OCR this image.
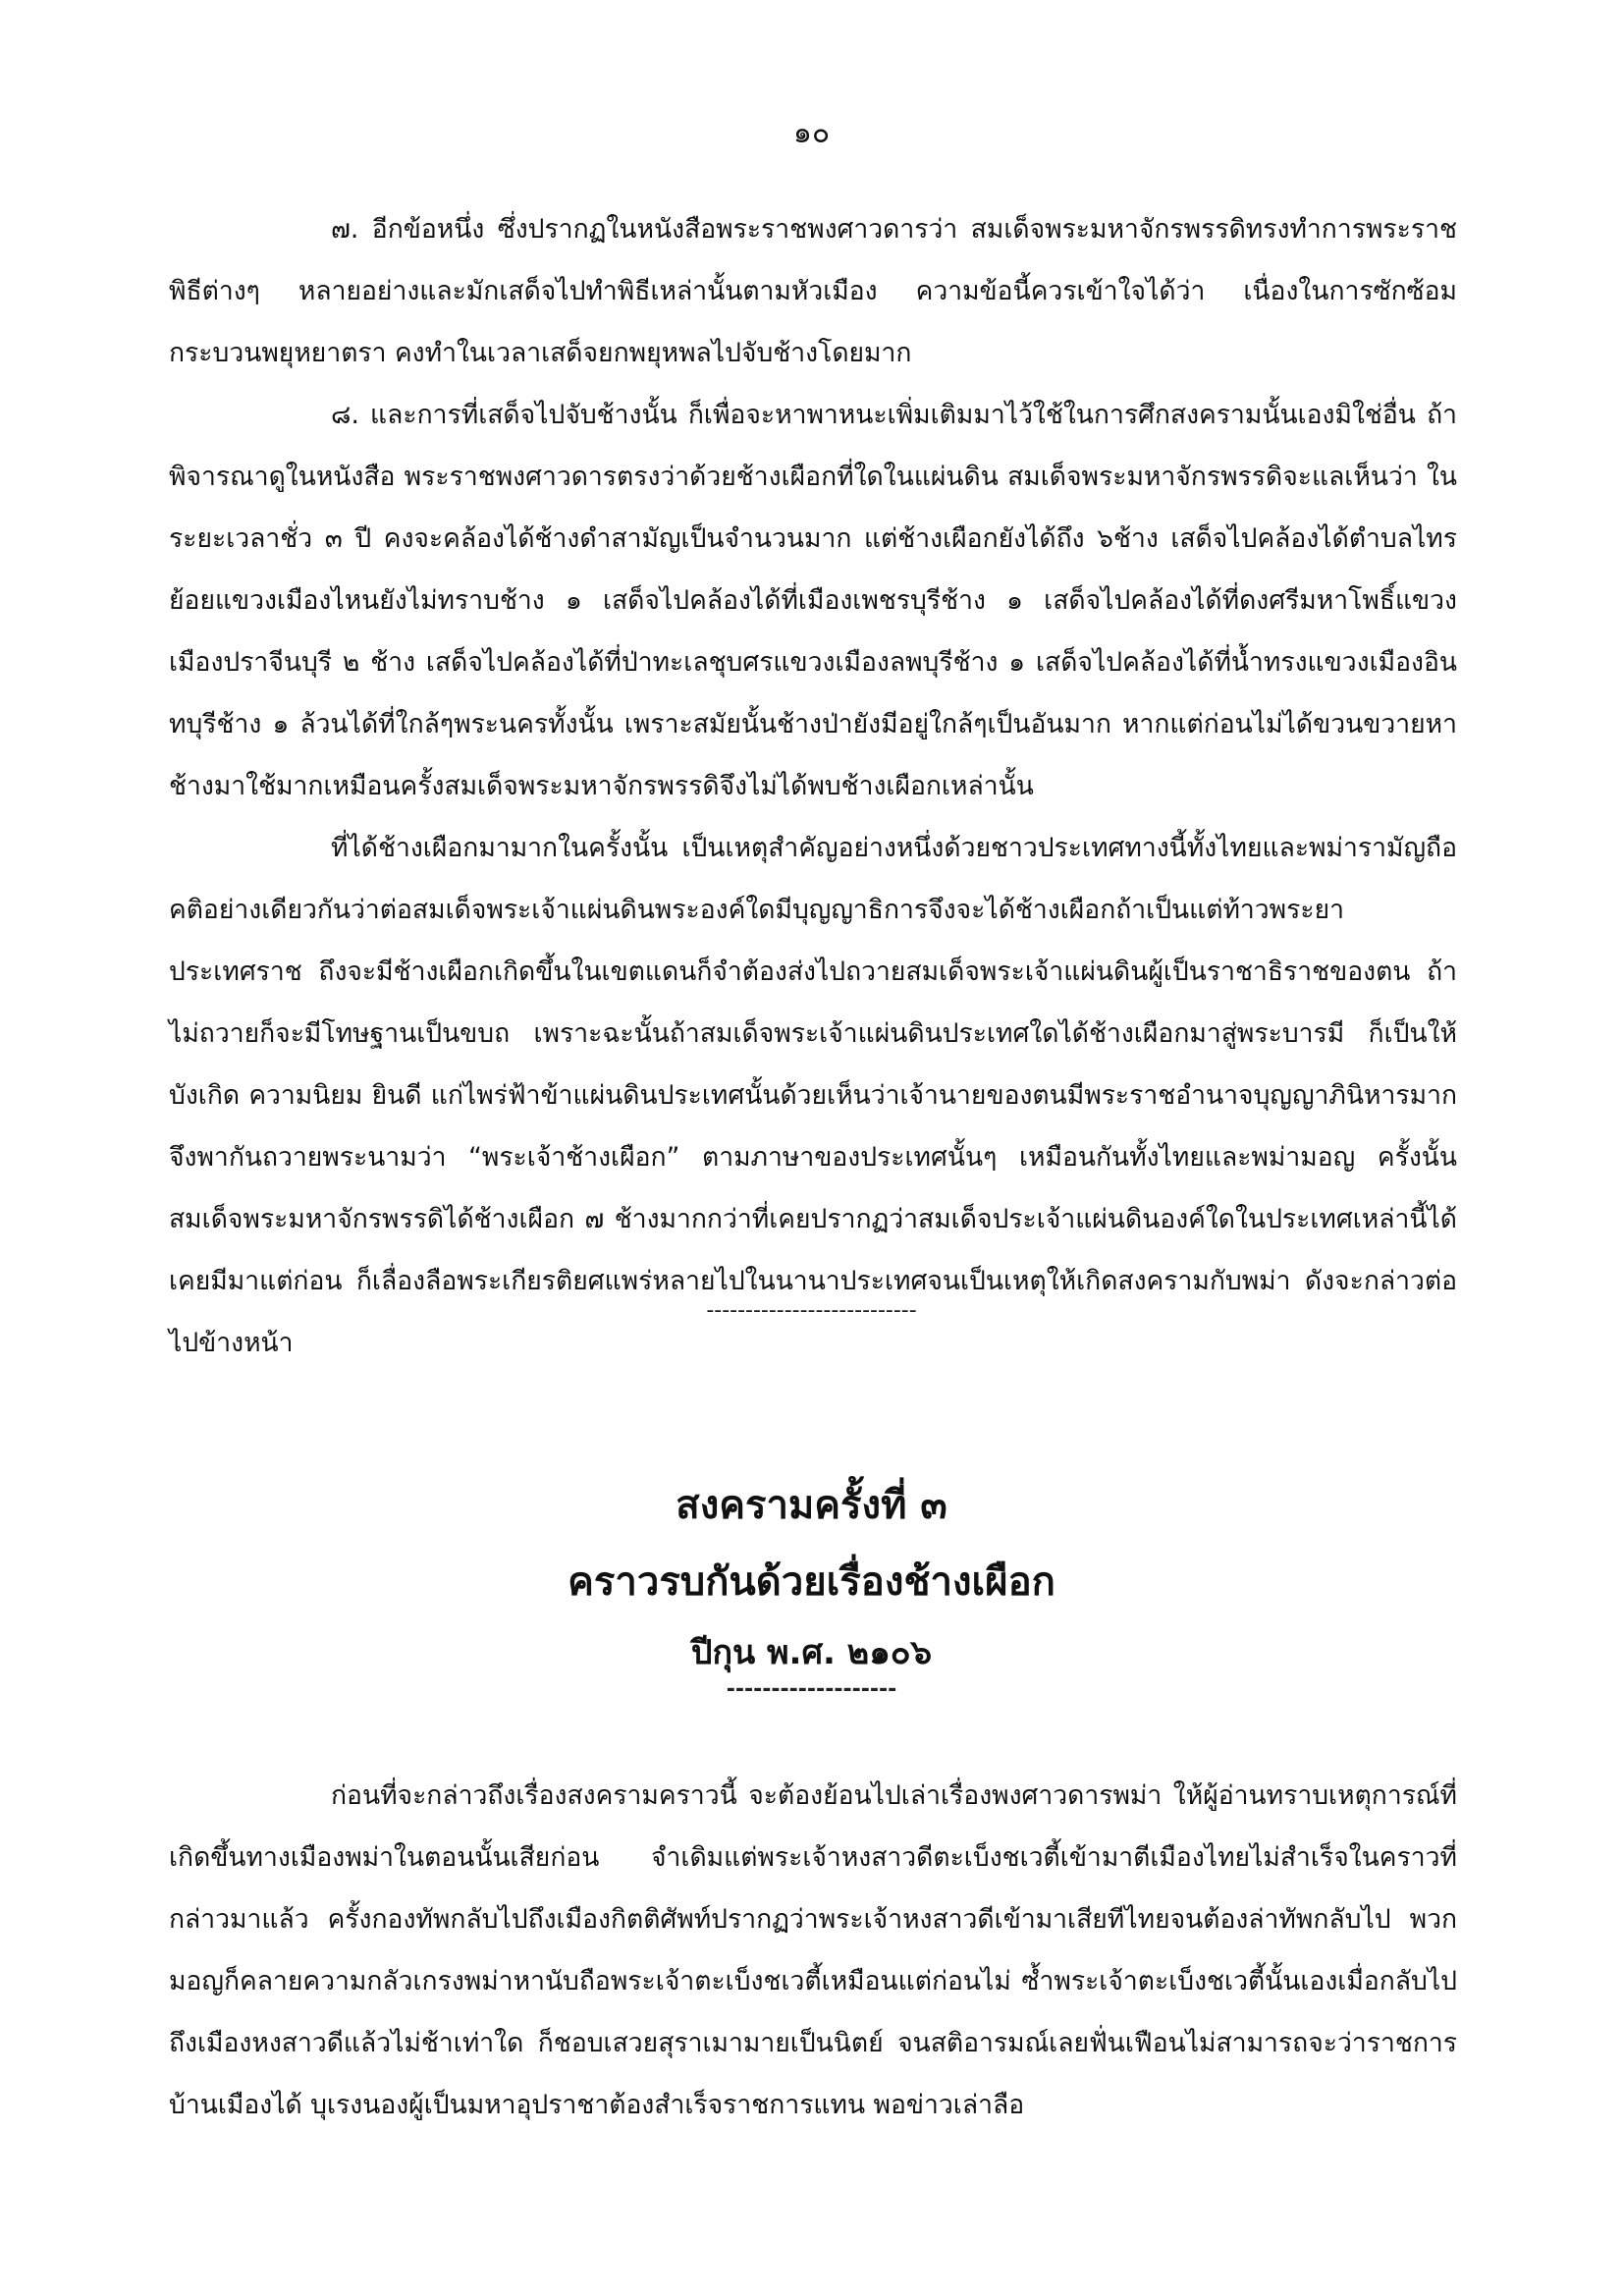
๑๐

๗. อีกข้อหนึ่ง ซึ่งปรากฏในหนังสือพระราชพงศาวดารว่า สมเด็จพระมหาจักรพรรดิทรงทำการพระราชพิธีต่างๆ หลายอย่างและมักเสด็จไปทำพิธีเหล่านั้นตามหัวเมือง ความข้อนี้ควรเข้าใจได้ว่า เนื่องในการซักซ้อมกระบวนพยุหยาตรา คงทำในเวลาเสด็จยกพยุหพลไปจับช้างโดยมาก

๘. และการที่เสด็จไปจับช้างนั้น ก็เพื่อจะหาพาหนะเพิ่มเติมมาไว้ใช้ในการศึกสงครามนั้นเองมิใช่อื่น ถ้าพิจารณาดูในหนังสือ พระราชพงศาวดารตรงว่าด้วยช้างเผือกที่ใดในแผ่นดิน สมเด็จพระมหาจักรพรรดิจะแลเห็นว่า ในระยะเวลาชั่ว ๓ ปี คงจะคล้องได้ช้างดำสามัญเป็นจำนวนมาก แต่ช้างเผือกยังได้ถึง ๖ช้าง เสด็จไปคล้องได้ตำบลไทรย้อยแขวงเมืองไหนยังไม่ทราบช้าง ๑ เสด็จไปคล้องได้ที่เมืองเพชรบุรีช้าง ๑ เสด็จไปคล้องได้ที่ดงศรีมหาโพธิ์แขวงเมืองปราจีนบุรี ๒ ช้าง เสด็จไปคล้องได้ที่ป่าทะเลชุบศรแขวงเมืองลพบุรีช้าง ๑ เสด็จไปคล้องได้ที่น้ำทรงแขวงเมืองอินทบุรีช้าง ๑ ล้วนได้ที่ใกล้ๆพระนครทั้งนั้น เพราะสมัยนั้นช้างป่ายังมีอยู่ใกล้ๆเป็นอันมาก หากแต่ก่อนไม่ได้ขวนขวายหาช้างมาใช้มากเหมือนครั้งสมเด็จพระมหาจักรพรรดิจึงไม่ได้พบช้างเผือกเหล่านั้น

ที่ได้ช้างเผือกมามากในครั้งนั้น เป็นเหตุสำคัญอย่างหนึ่งด้วยชาวประเทศทางนี้ทั้งไทยและพม่ารามัญถือคติอย่างเดียวกันว่าต่อสมเด็จพระเจ้าแผ่นดินพระองค์ใดมีบุญญาธิการจึงจะได้ช้างเผือกถ้าเป็นแต่ท้าวพระยาประเทศราช ถึงจะมีช้างเผือกเกิดขึ้นในเขตแดนก็จำต้องส่งไปถวายสมเด็จพระเจ้าแผ่นดินผู้เป็นราชาธิราชของตน ถ้าไม่ถวายก็จะมีโทษฐานเป็นขบถ เพราะฉะนั้นถ้าสมเด็จพระเจ้าแผ่นดินประเทศใดได้ช้างเผือกมาสู่พระบารมี ก็เป็นให้บังเกิด ความนิยม ยินดี แก่ไพร่ฟ้าข้าแผ่นดินประเทศนั้นด้วยเห็นว่าเจ้านายของตนมีพระราชอำนาจบุญญาภินิหารมาก จึงพากันถวายพระนามว่า “พระเจ้าช้างเผือก” ตามภาษาของประเทศนั้นๆ เหมือนกันทั้งไทยและพม่ามอญ ครั้งนั้นสมเด็จพระมหาจักรพรรดิได้ช้างเผือก ๗ ช้างมากกว่าที่เคยปรากฏว่าสมเด็จประเจ้าแผ่นดินองค์ใดในประเทศเหล่านี้ได้เคยมีมาแต่ก่อน ก็เลื่องลือพระเกียรติยศแพร่หลายไปในนานาประเทศจนเป็นเหตุให้เกิดสงครามกับพม่า ดังจะกล่าวต่อไปข้างหน้า

---------------------------
สงครามครั้งที่ ๓
คราวรบกันด้วยเรื่องช้างเผือก
ปีกุน พ.ศ. ๒๑๐๖
-------------------

ก่อนที่จะกล่าวถึงเรื่องสงครามคราวนี้ จะต้องย้อนไปเล่าเรื่องพงศาวดารพม่า ให้ผู้อ่านทราบเหตุการณ์ที่เกิดขึ้นทางเมืองพม่าในตอนนั้นเสียก่อน จำเดิมแต่พระเจ้าหงสาวดีตะเบ็งชเวตี้เข้ามาตีเมืองไทยไม่สำเร็จในคราวที่กล่าวมาแล้ว ครั้งกองทัพกลับไปถึงเมืองกิตติศัพท์ปรากฏว่าพระเจ้าหงสาวดีเข้ามาเสียทีไทยจนต้องล่าทัพกลับไป พวกมอญก็คลายความกลัวเกรงพม่าหานับถือพระเจ้าตะเบ็งชเวตี้เหมือนแต่ก่อนไม่ ซ้ำพระเจ้าตะเบ็งชเวตี้นั้นเองเมื่อกลับไปถึงเมืองหงสาวดีแล้วไม่ช้าเท่าใด ก็ชอบเสวยสุราเมามายเป็นนิตย์ จนสติอารมณ์เลยฟั่นเฟือนไม่สามารถจะว่าราชการบ้านเมืองได้ บุเรงนองผู้เป็นมหาอุปราชาต้องสำเร็จราชการแทน พอข่าวเล่าลือ
